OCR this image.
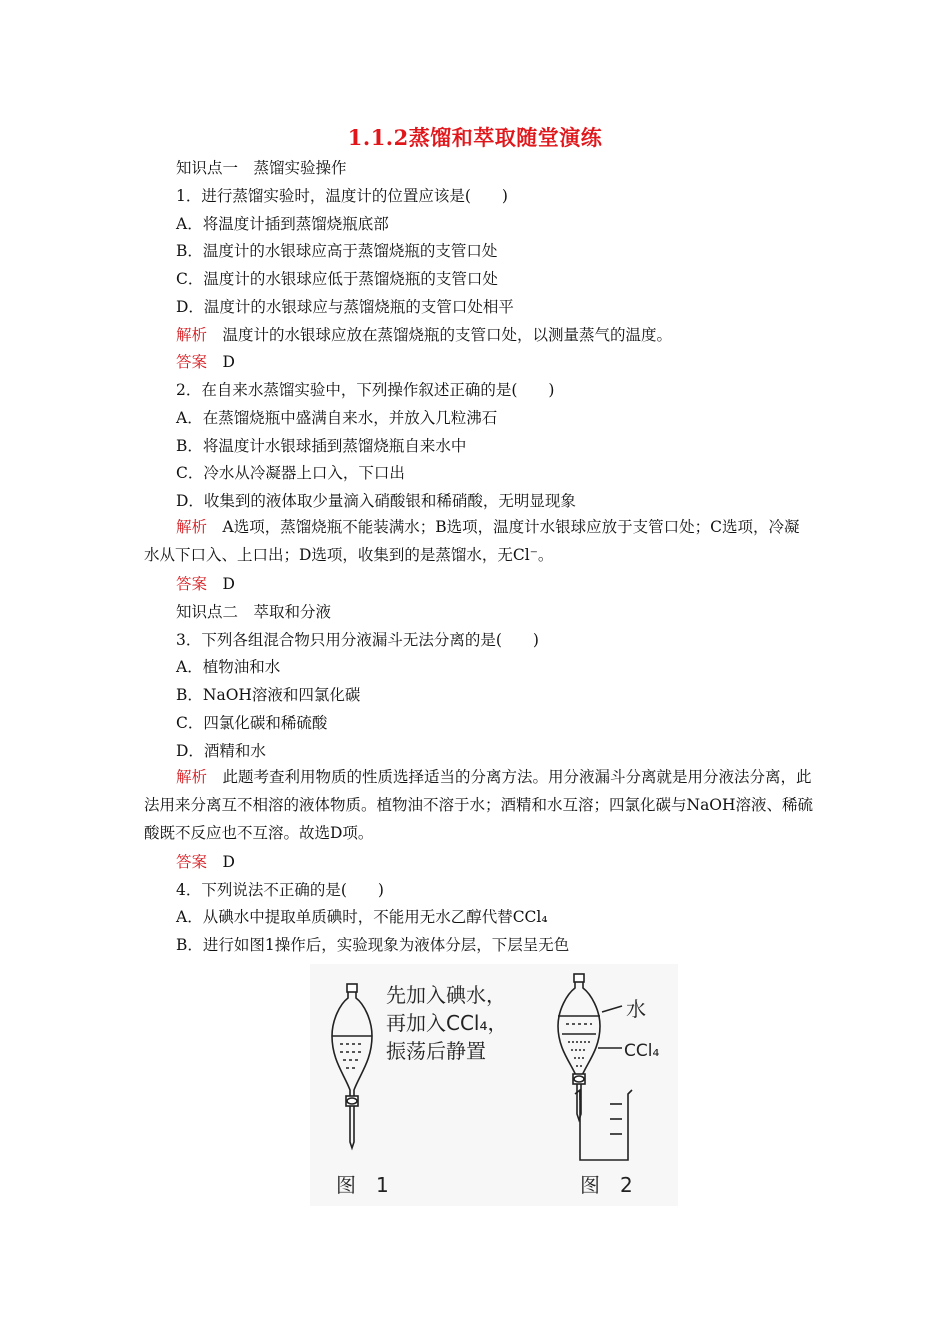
1.1.2蒸馏和萃取随堂演练
知识点一　蒸馏实验操作
1．进行蒸馏实验时，温度计的位置应该是(　　)
A．将温度计插到蒸馏烧瓶底部
B．温度计的水银球应高于蒸馏烧瓶的支管口处
C．温度计的水银球应低于蒸馏烧瓶的支管口处
D．温度计的水银球应与蒸馏烧瓶的支管口处相平
解析　温度计的水银球应放在蒸馏烧瓶的支管口处，以测量蒸气的温度。
答案　D
2．在自来水蒸馏实验中，下列操作叙述正确的是(　　)
A．在蒸馏烧瓶中盛满自来水，并放入几粒沸石
B．将温度计水银球插到蒸馏烧瓶自来水中
C．冷水从冷凝器上口入，下口出
D．收集到的液体取少量滴入硝酸银和稀硝酸，无明显现象
解析　A选项，蒸馏烧瓶不能装满水；B选项，温度计水银球应放于支管口处；C选项，冷凝水从下口入、上口出；D选项，收集到的是蒸馏水，无Cl⁻。
答案　D
知识点二　萃取和分液
3．下列各组混合物只用分液漏斗无法分离的是(　　)
A．植物油和水
B．NaOH溶液和四氯化碳
C．四氯化碳和稀硫酸
D．酒精和水
解析　此题考查利用物质的性质选择适当的分离方法。用分液漏斗分离就是用分液法分离，此法用来分离互不相溶的液体物质。植物油不溶于水；酒精和水互溶；四氯化碳与NaOH溶液、稀硫酸既不反应也不互溶。故选D项。
答案　D
4．下列说法不正确的是(　　)
A．从碘水中提取单质碘时，不能用无水乙醇代替CCl₄
B．进行如图1操作后，实验现象为液体分层，下层呈无色
先加入碘水，
再加入CCl₄，
振荡后静置
水
CCl₄
图　1	图　2
